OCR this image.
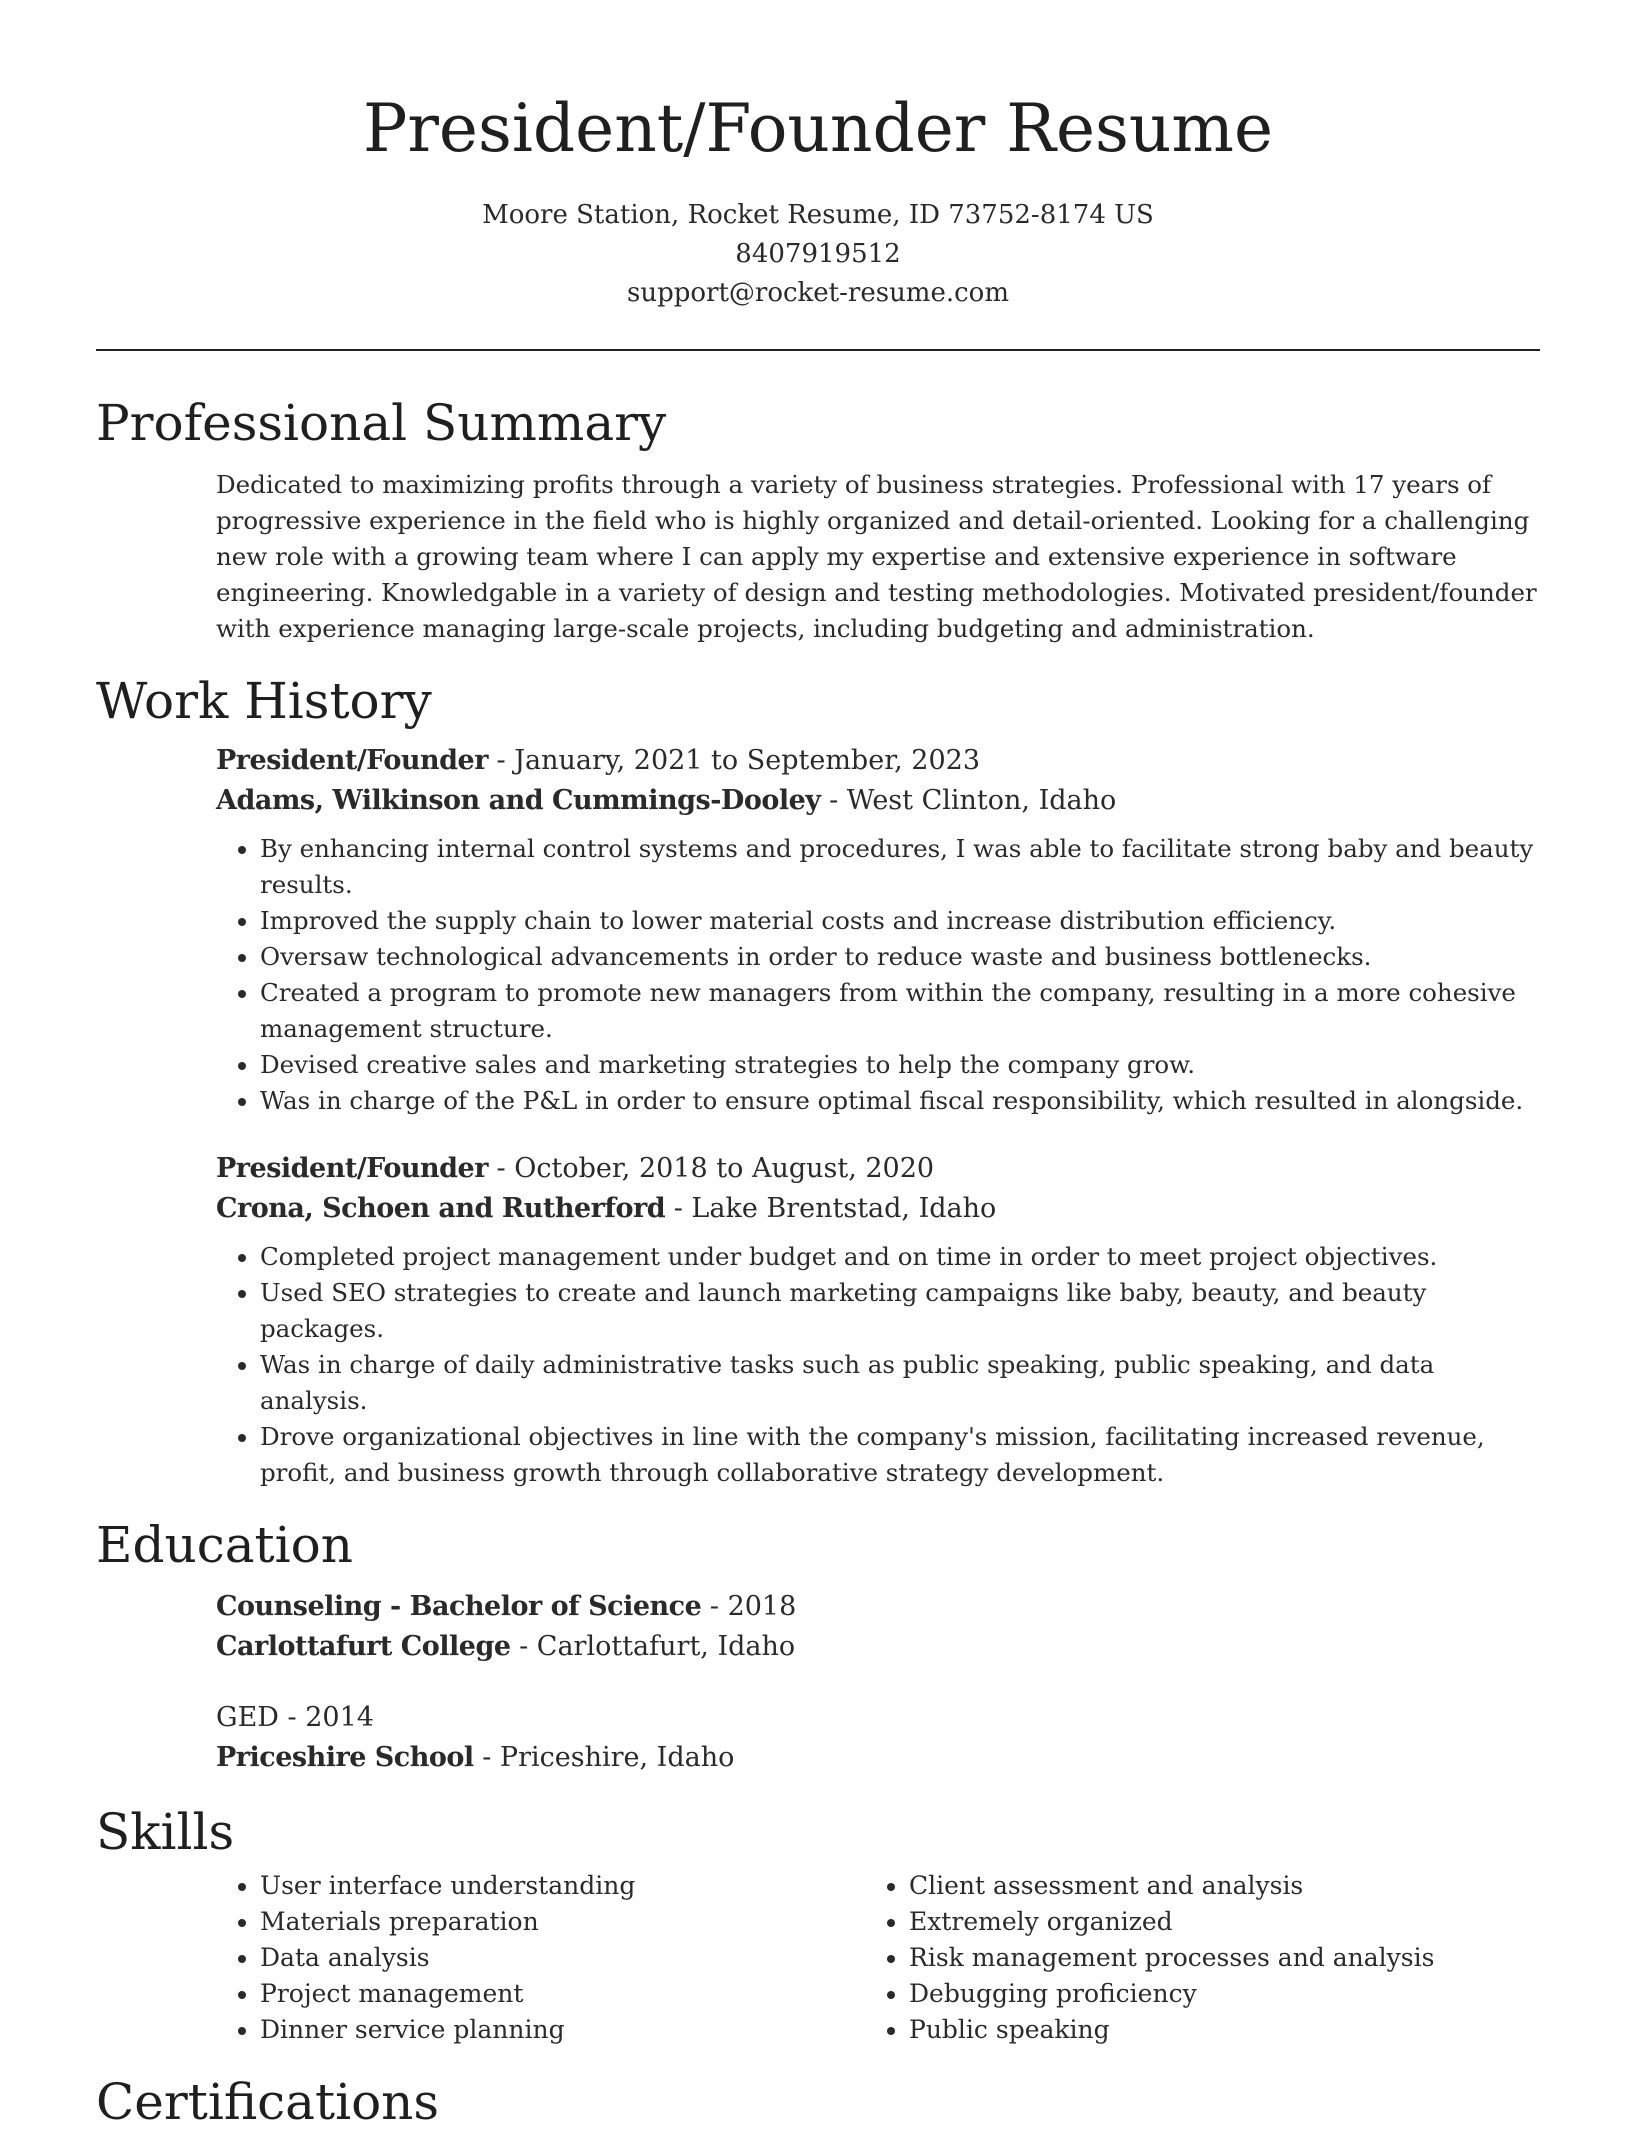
President/Founder Resume
Moore Station, Rocket Resume, ID 73752-8174 US
8407919512
support@rocket-resume.com
Professional Summary
Dedicated to maximizing profits through a variety of business strategies. Professional with 17 years of progressive experience in the field who is highly organized and detail-oriented. Looking for a challenging new role with a growing team where I can apply my expertise and extensive experience in software engineering. Knowledgable in a variety of design and testing methodologies. Motivated president/founder with experience managing large-scale projects, including budgeting and administration.
Work History
President/Founder - January, 2021 to September, 2023
Adams, Wilkinson and Cummings-Dooley - West Clinton, Idaho
• By enhancing internal control systems and procedures, I was able to facilitate strong baby and beauty results.
• Improved the supply chain to lower material costs and increase distribution efficiency.
• Oversaw technological advancements in order to reduce waste and business bottlenecks.
• Created a program to promote new managers from within the company, resulting in a more cohesive management structure.
• Devised creative sales and marketing strategies to help the company grow.
• Was in charge of the P&L in order to ensure optimal fiscal responsibility, which resulted in alongside.
President/Founder - October, 2018 to August, 2020
Crona, Schoen and Rutherford - Lake Brentstad, Idaho
• Completed project management under budget and on time in order to meet project objectives.
• Used SEO strategies to create and launch marketing campaigns like baby, beauty, and beauty packages.
• Was in charge of daily administrative tasks such as public speaking, public speaking, and data analysis.
• Drove organizational objectives in line with the company's mission, facilitating increased revenue, profit, and business growth through collaborative strategy development.
Education
Counseling - Bachelor of Science - 2018
Carlottafurt College - Carlottafurt, Idaho
GED - 2014
Priceshire School - Priceshire, Idaho
Skills
• User interface understanding
• Materials preparation
• Data analysis
• Project management
• Dinner service planning
• Client assessment and analysis
• Extremely organized
• Risk management processes and analysis
• Debugging proficiency
• Public speaking
Certifications
